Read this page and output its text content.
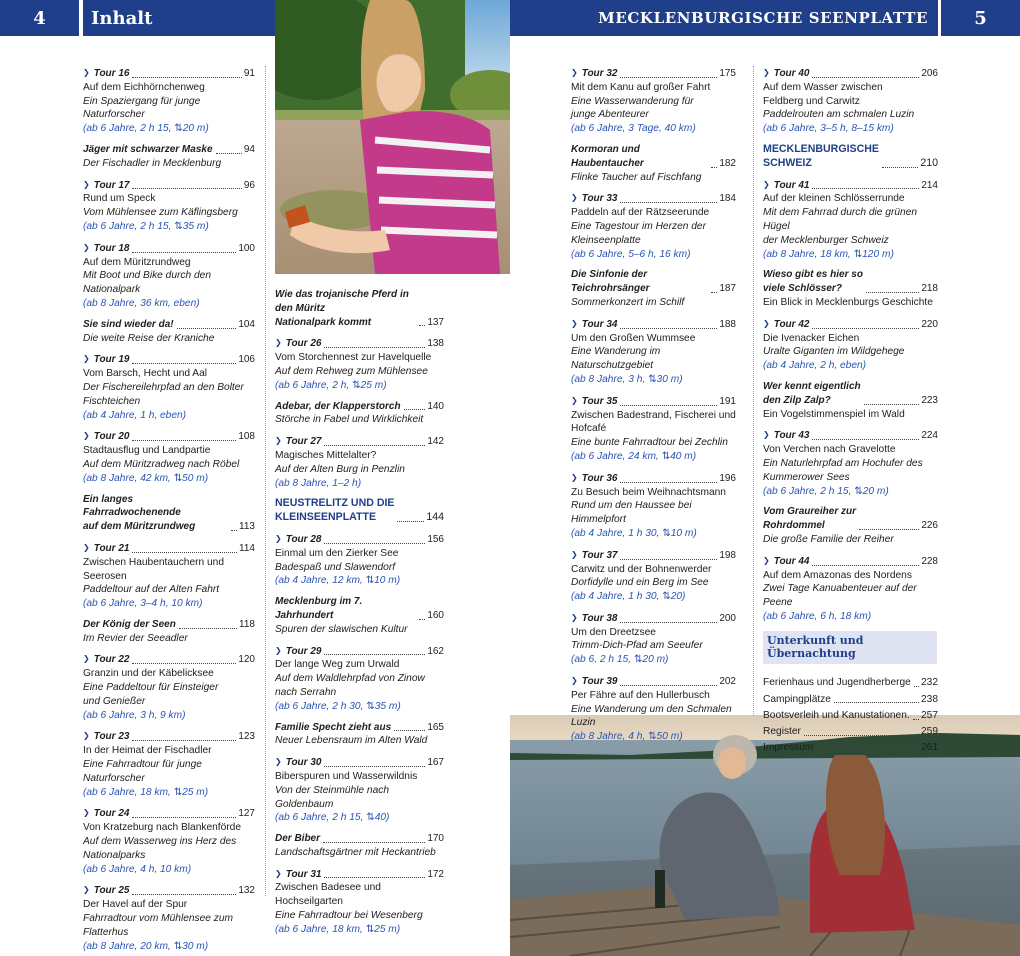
4	Inhalt	MECKLENBURGISCHE SEENPLATTE	5
❯ Tour 16	91
Auf dem Eichhörnchenweg
Ein Spaziergang für junge
Naturforscher
(ab 6 Jahre, 2 h 15, ⇅20 m)
Jäger mit schwarzer Maske	94
Der Fischadler in Mecklenburg
❯ Tour 17	96
Rund um Speck
Vom Mühlensee zum Käflingsberg
(ab 6 Jahre, 2 h 15, ⇅35 m)
❯ Tour 18	100
Auf dem Müritzrundweg
Mit Boot und Bike durch den Nationalpark
(ab 8 Jahre, 36 km, eben)
Sie sind wieder da!	104
Die weite Reise der Kraniche
❯ Tour 19	106
Vom Barsch, Hecht und Aal
Der Fischereilehrpfad an den Bolter
Fischteichen
(ab 4 Jahre, 1 h, eben)
❯ Tour 20	108
Stadtausflug und Landpartie
Auf dem Müritzradweg nach Röbel
(ab 8 Jahre, 42 km, ⇅50 m)
Ein langes Fahrradwochenende
auf dem Müritzrundweg	113
❯ Tour 21	114
Zwischen Haubentauchern und Seerosen
Paddeltour auf der Alten Fahrt
(ab 6 Jahre, 3–4 h, 10 km)
Der König der Seen	118
Im Revier der Seeadler
❯ Tour 22	120
Granzin und der Käbelicksee
Eine Paddeltour für Einsteiger
und Genießer
(ab 6 Jahre, 3 h, 9 km)
❯ Tour 23	123
In der Heimat der Fischadler
Eine Fahrradtour für junge Naturforscher
(ab 6 Jahre, 18 km, ⇅25 m)
❯ Tour 24	127
Von Kratzeburg nach Blankenförde
Auf dem Wasserweg ins Herz des
Nationalparks
(ab 6 Jahre, 4 h, 10 km)
❯ Tour 25	132
Der Havel auf der Spur
Fahrradtour vom Mühlensee zum
Flatterhus
(ab 8 Jahre, 20 km, ⇅30 m)
Wie das trojanische Pferd in den Müritz
Nationalpark kommt	137
❯ Tour 26	138
Vom Storchennest zur Havelquelle
Auf dem Rehweg zum Mühlensee
(ab 6 Jahre, 2 h, ⇅25 m)
Adebar, der Klapperstorch	140
Störche in Fabel und Wirklichkeit
❯ Tour 27	142
Magisches Mittelalter?
Auf der Alten Burg in Penzlin
(ab 8 Jahre, 1–2 h)
NEUSTRELITZ UND DIE
KLEINSEENPLATTE	144
❯ Tour 28	156
Einmal um den Zierker See
Badespaß und Slawendorf
(ab 4 Jahre, 12 km, ⇅10 m)
Mecklenburg im 7. Jahrhundert	160
Spuren der slawischen Kultur
❯ Tour 29	162
Der lange Weg zum Urwald
Auf dem Waldlehrpfad von Zinow
nach Serrahn
(ab 6 Jahre, 2 h 30, ⇅35 m)
Familie Specht zieht aus	165
Neuer Lebensraum im Alten Wald
❯ Tour 30	167
Biberspuren und Wasserwildnis
Von der Steinmühle nach Goldenbaum
(ab 6 Jahre, 2 h 15, ⇅40)
Der Biber	170
Landschaftsgärtner mit Heckantrieb
❯ Tour 31	172
Zwischen Badesee und
Hochseilgarten
Eine Fahrradtour bei Wesenberg
(ab 6 Jahre, 18 km, ⇅25 m)
❯ Tour 32	175
Mit dem Kanu auf großer Fahrt
Eine Wasserwanderung für
junge Abenteurer
(ab 6 Jahre, 3 Tage, 40 km)
Kormoran und Haubentaucher	182
Flinke Taucher auf Fischfang
❯ Tour 33	184
Paddeln auf der Rätzseerunde
Eine Tagestour im Herzen der
Kleinseenplatte
(ab 6 Jahre, 5–6 h, 16 km)
Die Sinfonie der Teichrohrsänger	187
Sommerkonzert im Schilf
❯ Tour 34	188
Um den Großen Wummsee
Eine Wanderung im Naturschutzgebiet
(ab 8 Jahre, 3 h, ⇅30 m)
❯ Tour 35	191
Zwischen Badestrand, Fischerei und
Hofcafé
Eine bunte Fahrradtour bei Zechlin
(ab 6 Jahre, 24 km, ⇅40 m)
❯ Tour 36	196
Zu Besuch beim Weihnachtsmann
Rund um den Haussee bei Himmelpfort
(ab 4 Jahre, 1 h 30, ⇅10 m)
❯ Tour 37	198
Carwitz und der Bohnenwerder
Dorfidylle und ein Berg im See
(ab 4 Jahre, 1 h 30, ⇅20)
❯ Tour 38	200
Um den Dreetzsee
Trimm-Dich-Pfad am Seeufer
(ab 6, 2 h 15, ⇅20 m)
❯ Tour 39	202
Per Fähre auf den Hullerbusch
Eine Wanderung um den Schmalen Luzin
(ab 8 Jahre, 4 h, ⇅50 m)
❯ Tour 40	206
Auf dem Wasser zwischen
Feldberg und Carwitz
Paddelrouten am schmalen Luzin
(ab 6 Jahre, 3–5 h, 8–15 km)
MECKLENBURGISCHE
SCHWEIZ	210
❯ Tour 41	214
Auf der kleinen Schlösserrunde
Mit dem Fahrrad durch die grünen Hügel
der Mecklenburger Schweiz
(ab 8 Jahre, 18 km, ⇅120 m)
Wieso gibt es hier so
viele Schlösser?	218
Ein Blick in Mecklenburgs Geschichte
❯ Tour 42	220
Die Ivenacker Eichen
Uralte Giganten im Wildgehege
(ab 4 Jahre, 2 h, eben)
Wer kennt eigentlich
den Zilp Zalp?	223
Ein Vogelstimmenspiel im Wald
❯ Tour 43	224
Von Verchen nach Gravelotte
Ein Naturlehrpfad am Hochufer des
Kummerower Sees
(ab 6 Jahre, 2 h 15, ⇅20 m)
Vom Graureiher zur
Rohrdommel	226
Die große Familie der Reiher
❯ Tour 44	228
Auf dem Amazonas des Nordens
Zwei Tage Kanuabenteuer auf der Peene
(ab 6 Jahre, 6 h, 18 km)
Unterkunft und Übernachtung
Ferienhaus und Jugendherberge 232
Campingplätze	238
Bootsverleih und Kanustationen. 257
Register	259
Impressum	261
